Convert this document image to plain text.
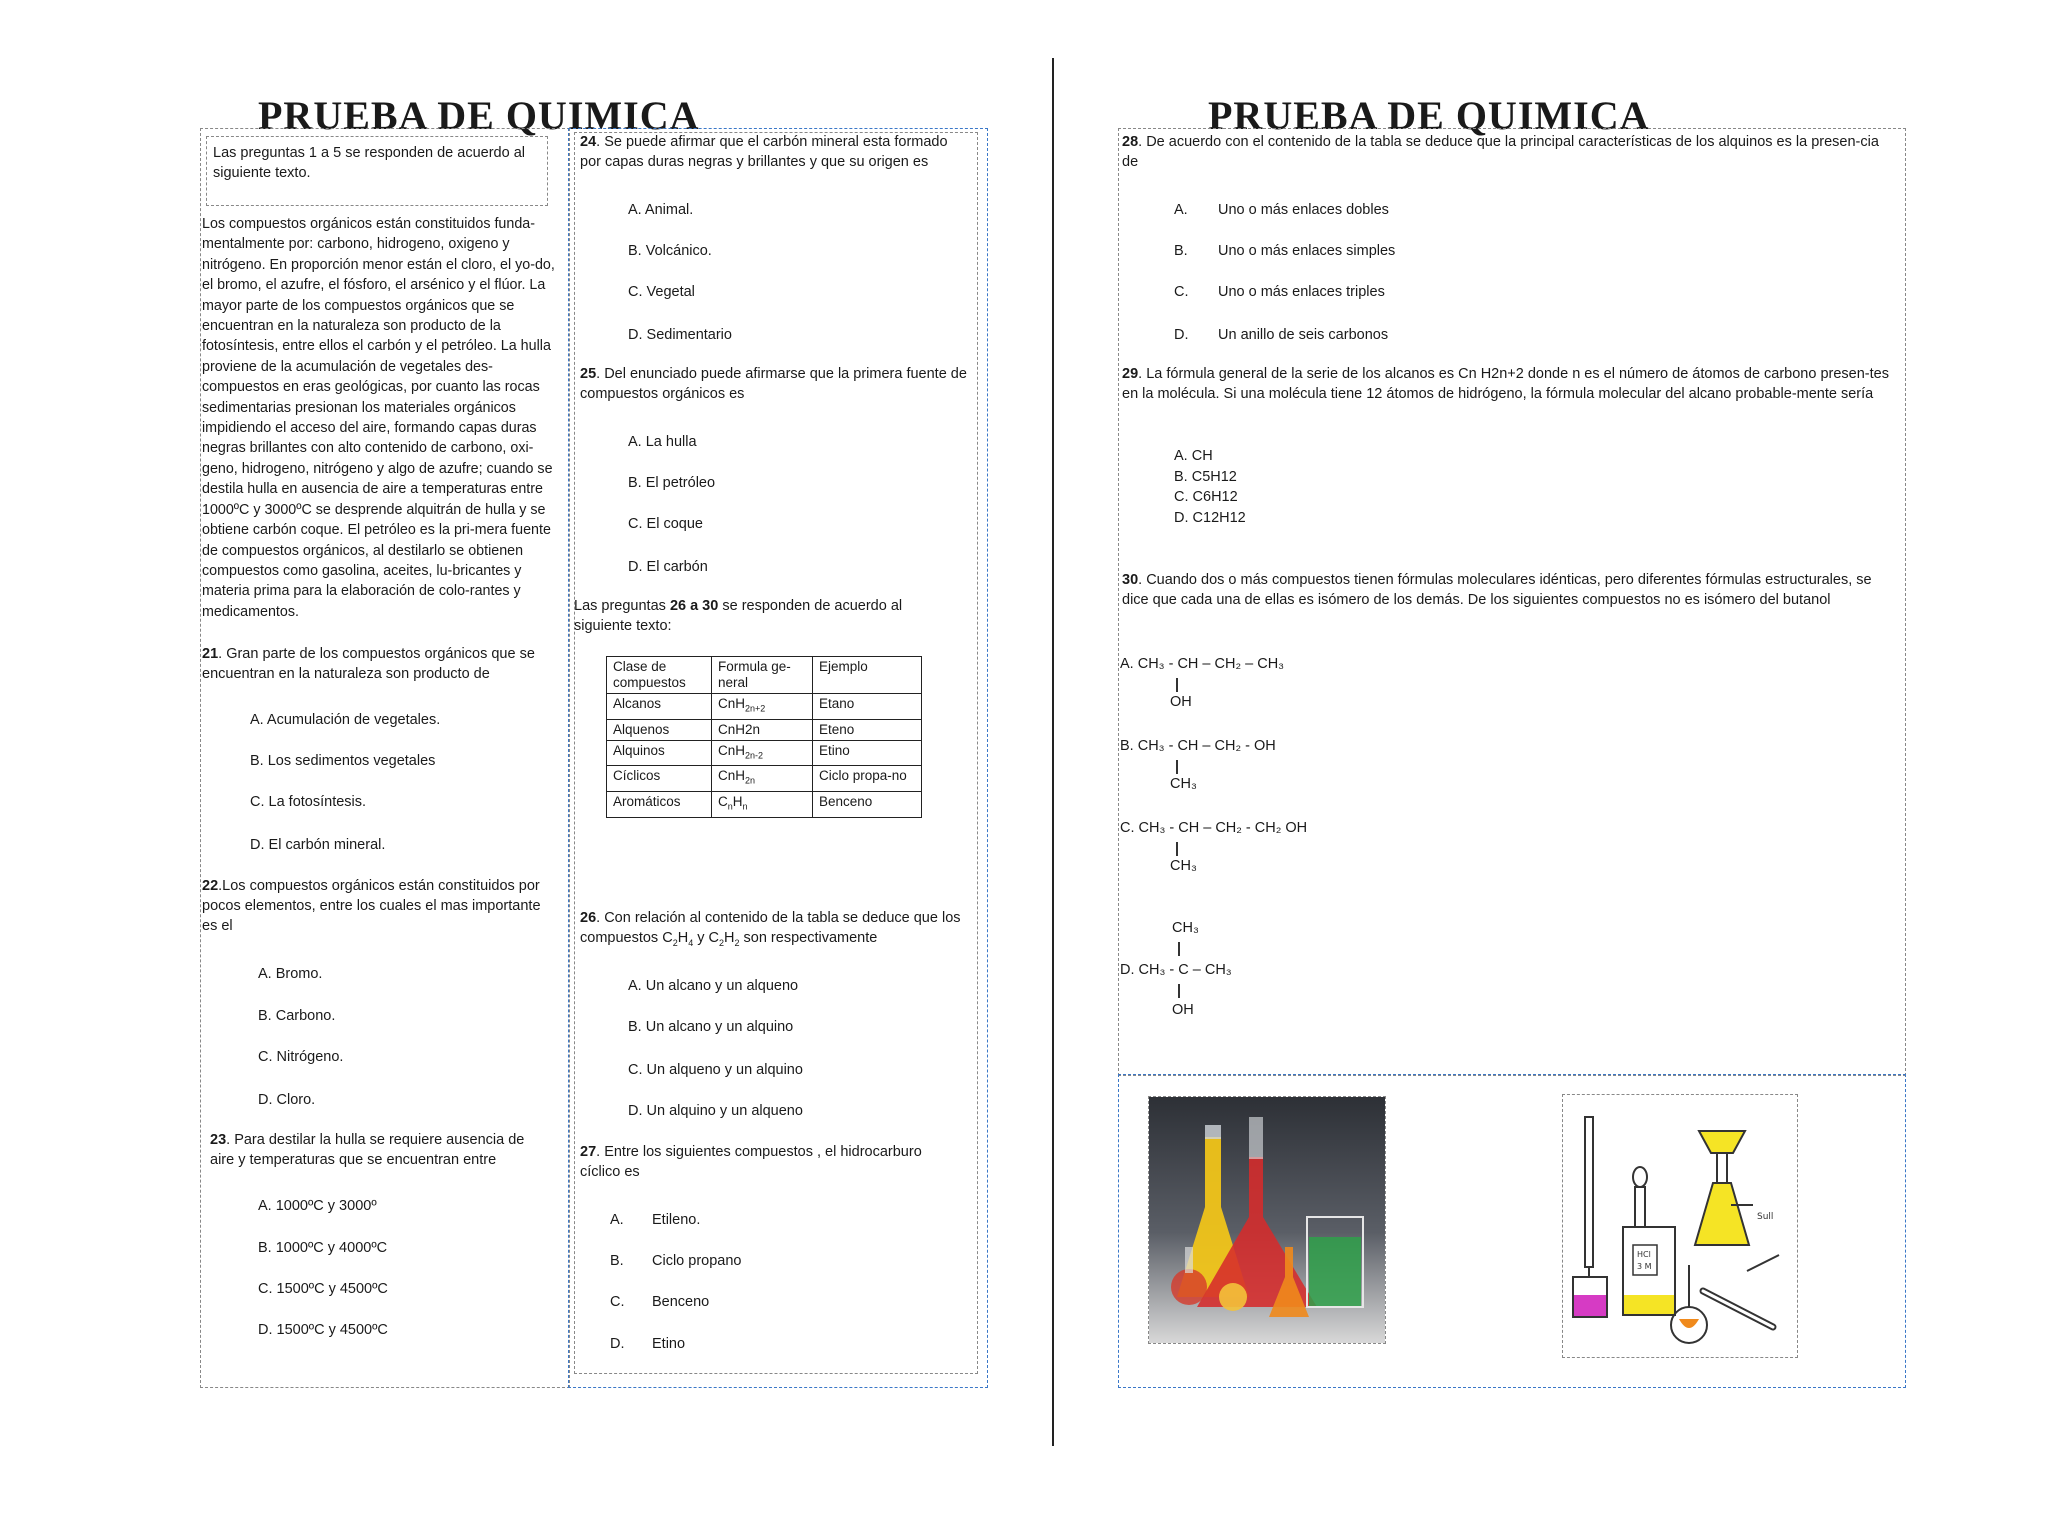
PRUEBA DE QUIMICA

Las preguntas 1 a 5 se responden de acuerdo al siguiente texto.

Los compuestos orgánicos están constituidos funda-mentalmente por: carbono, hidrogeno, oxigeno y nitrógeno. En proporción menor están el cloro, el yo-do, el bromo, el azufre, el fósforo, el arsénico y el flúor. La mayor parte de los compuestos orgánicos que se encuentran en la naturaleza son producto de la fotosíntesis, entre ellos el carbón y el petróleo. La hulla proviene de la acumulación de vegetales des-compuestos en eras geológicas, por cuanto las rocas sedimentarias presionan los materiales orgánicos impidiendo el acceso del aire, formando capas duras negras brillantes con alto contenido de carbono, oxi-geno, hidrogeno, nitrógeno y algo de azufre; cuando se destila hulla en ausencia de aire a temperaturas entre 1000ºC y 3000ºC se desprende alquitrán de hulla y se obtiene carbón coque. El petróleo es la pri-mera fuente de compuestos orgánicos, al destilarlo se obtienen compuestos como gasolina, aceites, lu-bricantes y materia prima para la elaboración de colo-rantes y medicamentos.

21. Gran parte de los compuestos orgánicos que se encuentran en la naturaleza son producto de

A. Acumulación de vegetales.
B. Los sedimentos vegetales
C. La fotosíntesis.
D. El carbón mineral.

22.Los compuestos orgánicos están constituidos por pocos elementos, entre los cuales el mas importante es el

A. Bromo.
B. Carbono.
C. Nitrógeno.
D. Cloro.

23. Para destilar la hulla se requiere ausencia de aire y temperaturas que se encuentran entre

A. 1000ºC y 3000º
B. 1000ºC y 4000ºC
C. 1500ºC y 4500ºC
D. 1500ºC y 4500ºC

24. Se puede afirmar que el carbón mineral esta formado por capas duras negras y brillantes y que su origen es

A. Animal.
B. Volcánico.
C. Vegetal
D. Sedimentario

25. Del enunciado puede afirmarse que la primera fuente de compuestos orgánicos es

A. La hulla
B. El petróleo
C. El coque
D. El carbón

Las preguntas 26 a 30 se responden de acuerdo al siguiente texto:

Clase de compuestos	Formula ge-neral	Ejemplo
Alcanos	CnH$_{2n+2}$	Etano
Alquenos	CnH2n	Eteno
Alquinos	CnH$_{2n-2}$	Etino
Cíclicos	CnH$_{2n}$	Ciclo propa-no
Aromáticos	$C_nH_n$	Benceno

26. Con relación al contenido de la tabla se deduce que los compuestos $C_2H_4$ y $C_2H_2$ son respectivamente

A. Un alcano y un alqueno
B. Un alcano y un alquino
C. Un alqueno y un alquino
D. Un alquino y un alqueno

27. Entre los siguientes compuestos , el hidrocarburo cíclico es

A. Etileno.
B. Ciclo propano
C. Benceno
D. Etino
PRUEBA DE QUIMICA

28. De acuerdo con el contenido de la tabla se deduce que la principal características de los alquinos es la presen-cia de

A. Uno o más enlaces dobles
B. Uno o más enlaces simples
C. Uno o más enlaces triples
D. Un anillo de seis carbonos

29. La fórmula general de la serie de los alcanos es Cn H2n+2 donde n es el número de átomos de carbono presen-tes en la molécula. Si una molécula tiene 12 átomos de hidrógeno, la fórmula molecular del alcano probable-mente sería

A. CH
B. C5H12
C. C6H12
D. C12H12

30. Cuando dos o más compuestos tienen fórmulas moleculares idénticas, pero diferentes fórmulas estructurales, se dice que cada una de ellas es isómero de los demás. De los siguientes compuestos no es isómero del butanol

A. CH₃ - CH – CH₂ – CH₃
OH
B. CH₃ - CH – CH₂ - OH
CH₃
C. CH₃ - CH – CH₂ - CH₂ OH
CH₃
CH₃
D. CH₃ - C – CH₃
OH
HCl
3 M
Sull
